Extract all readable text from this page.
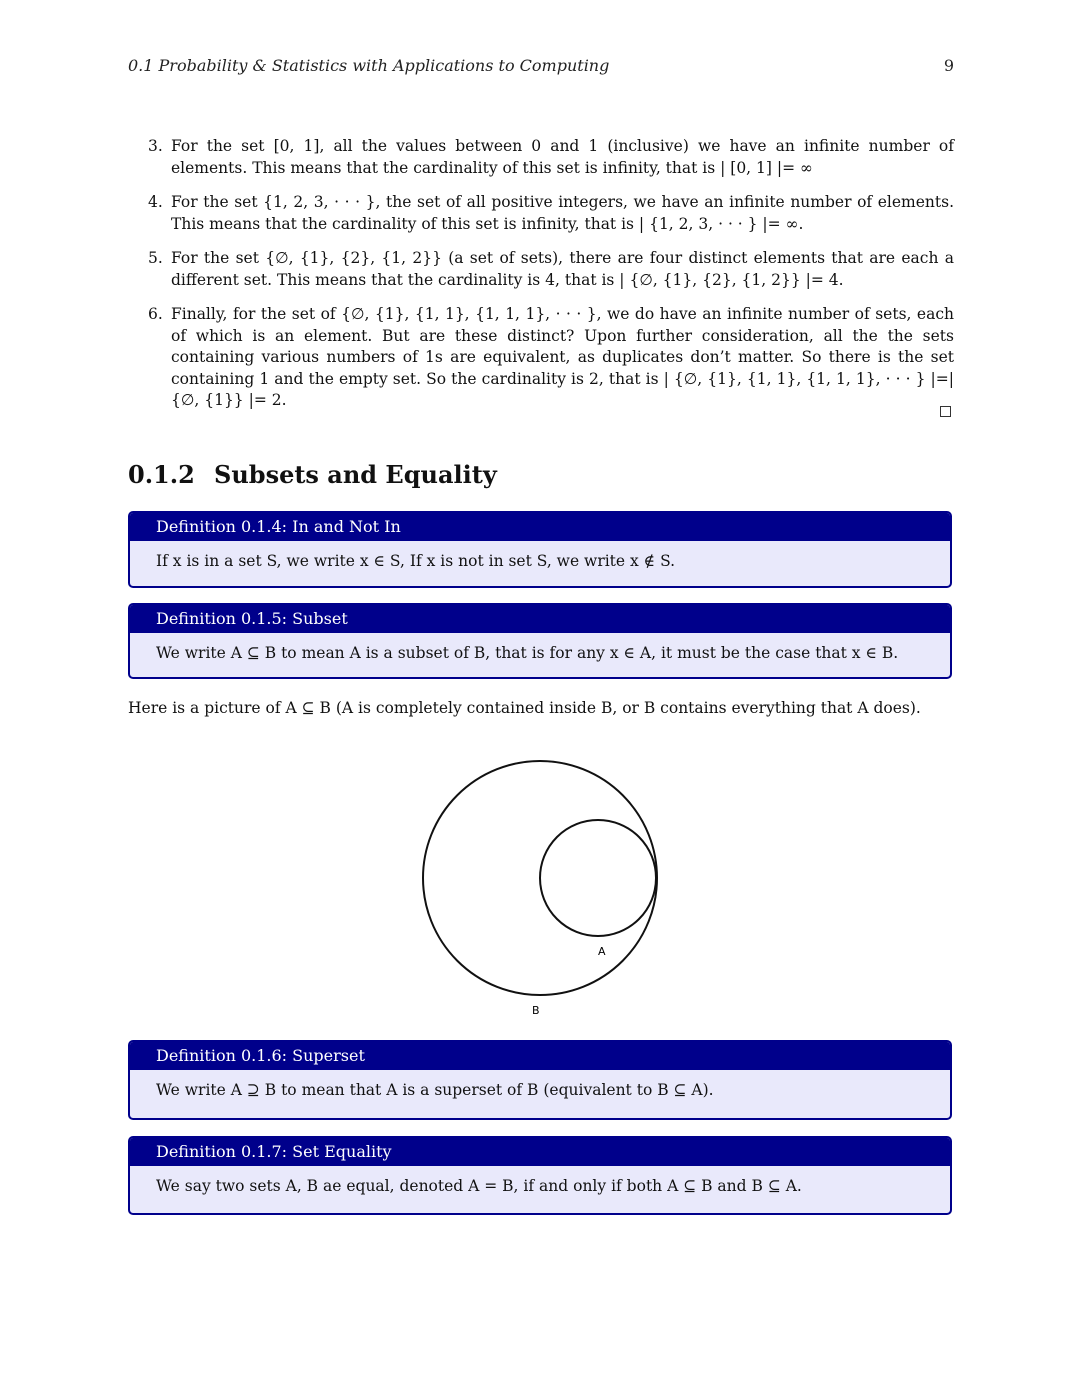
0.1 Probability & Statistics with Applications to Computing	9
3. For the set [0, 1], all the values between 0 and 1 (inclusive) we have an infinite number of elements. This means that the cardinality of this set is infinity, that is | [0, 1] |= ∞
4. For the set {1, 2, 3, · · · }, the set of all positive integers, we have an infinite number of elements. This means that the cardinality of this set is infinity, that is | {1, 2, 3, · · · } |= ∞.
5. For the set {∅, {1}, {2}, {1, 2}} (a set of sets), there are four distinct elements that are each a different set. This means that the cardinality is 4, that is | {∅, {1}, {2}, {1, 2}} |= 4.
6. Finally, for the set of {∅, {1}, {1, 1}, {1, 1, 1}, · · · }, we do have an infinite number of sets, each of which is an element. But are these distinct? Upon further consideration, all the the sets containing various numbers of 1s are equivalent, as duplicates don’t matter. So there is the set containing 1 and the empty set. So the cardinality is 2, that is | {∅, {1}, {1, 1}, {1, 1, 1}, · · · } |=| {∅, {1}} |= 2.
0.1.2 Subsets and Equality
Definition 0.1.4: In and Not In
If x is in a set S, we write x ∈ S, If x is not in set S, we write x ∉ S.
Definition 0.1.5: Subset
We write A ⊆ B to mean A is a subset of B, that is for any x ∈ A, it must be the case that x ∈ B.
Here is a picture of A ⊆ B (A is completely contained inside B, or B contains everything that A does).
A
B
Definition 0.1.6: Superset
We write A ⊇ B to mean that A is a superset of B (equivalent to B ⊆ A).
Definition 0.1.7: Set Equality
We say two sets A, B ae equal, denoted A = B, if and only if both A ⊆ B and B ⊆ A.
